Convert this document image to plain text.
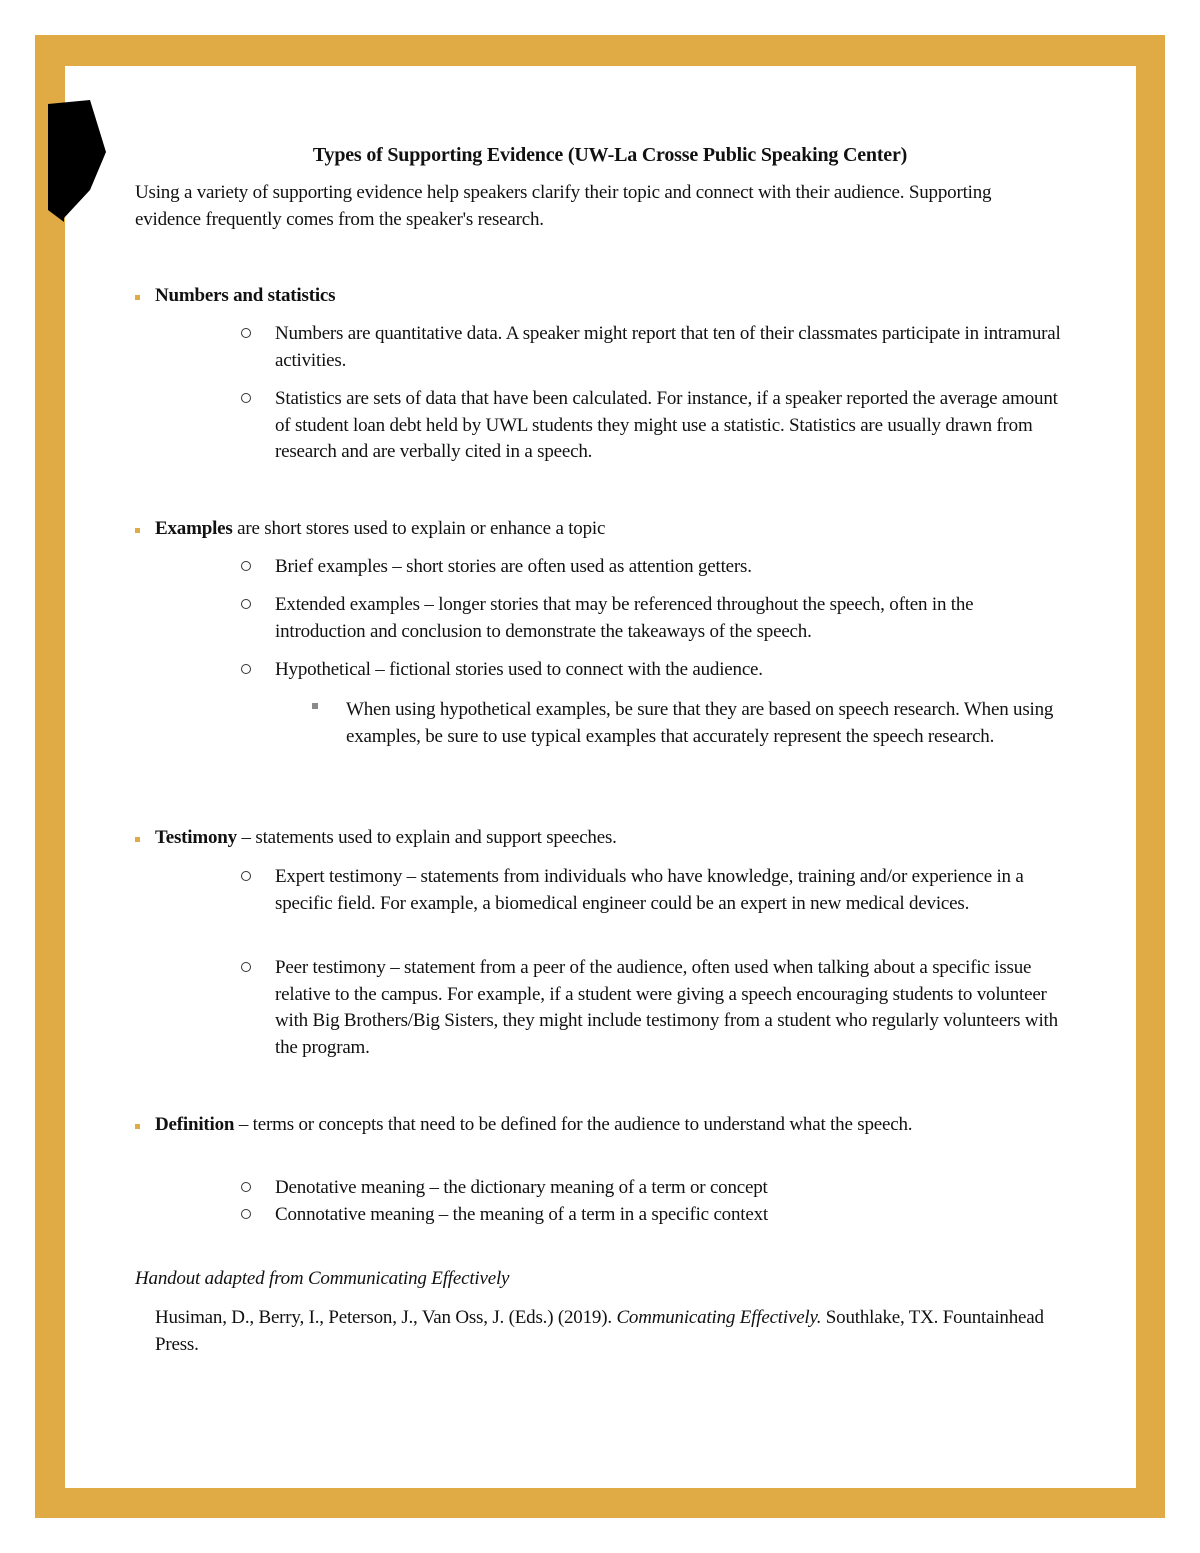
Types of Supporting Evidence (UW-La Crosse Public Speaking Center)
Using a variety of supporting evidence help speakers clarify their topic and connect with their audience. Supporting evidence frequently comes from the speaker's research.
Numbers and statistics
Numbers are quantitative data. A speaker might report that ten of their classmates participate in intramural activities.
Statistics are sets of data that have been calculated. For instance, if a speaker reported the average amount of student loan debt held by UWL students they might use a statistic. Statistics are usually drawn from research and are verbally cited in a speech.
Examples are short stores used to explain or enhance a topic
Brief examples – short stories are often used as attention getters.
Extended examples – longer stories that may be referenced throughout the speech, often in the introduction and conclusion to demonstrate the takeaways of the speech.
Hypothetical – fictional stories used to connect with the audience.
When using hypothetical examples, be sure that they are based on speech research. When using examples, be sure to use typical examples that accurately represent the speech research.
Testimony – statements used to explain and support speeches.
Expert testimony – statements from individuals who have knowledge, training and/or experience in a specific field. For example, a biomedical engineer could be an expert in new medical devices.
Peer testimony – statement from a peer of the audience, often used when talking about a specific issue relative to the campus. For example, if a student were giving a speech encouraging students to volunteer with Big Brothers/Big Sisters, they might include testimony from a student who regularly volunteers with the program.
Definition – terms or concepts that need to be defined for the audience to understand what the speech.
Denotative meaning – the dictionary meaning of a term or concept
Connotative meaning – the meaning of a term in a specific context
Handout adapted from Communicating Effectively
Husiman, D., Berry, I., Peterson, J., Van Oss, J. (Eds.) (2019). Communicating Effectively. Southlake, TX. Fountainhead Press.
